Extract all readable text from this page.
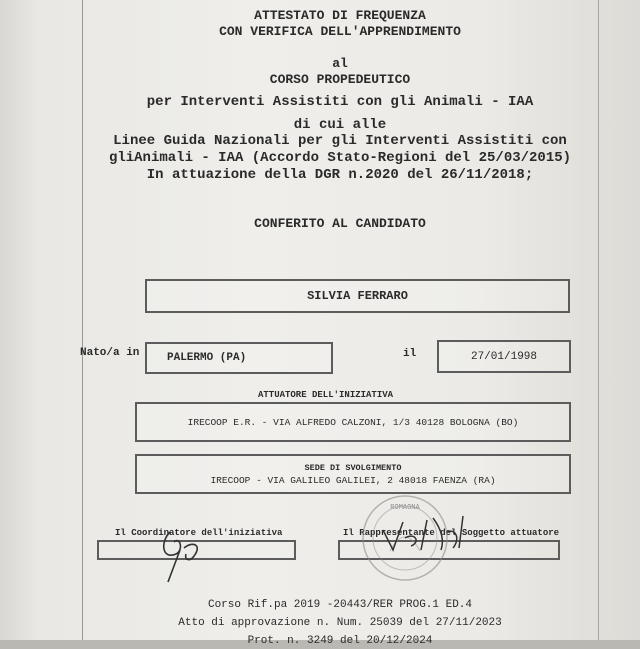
ATTESTATO DI FREQUENZA
CON VERIFICA DELL'APPRENDIMENTO
al
CORSO PROPEDEUTICO
per Interventi Assistiti con gli Animali - IAA
di cui alle
Linee Guida Nazionali per gli Interventi Assistiti con
gliAnimali - IAA (Accordo Stato-Regioni del 25/03/2015)
In attuazione della DGR n.2020 del 26/11/2018;
CONFERITO AL CANDIDATO
SILVIA FERRARO
Nato/a in	PALERMO (PA)	il	27/01/1998
ATTUATORE DELL'INIZIATIVA
IRECOOP E.R. - VIA ALFREDO CALZONI, 1/3 40128 BOLOGNA (BO)
SEDE DI SVOLGIMENTO
IRECOOP - VIA GALILEO GALILEI, 2 48018 FAENZA (RA)
Il Coordinatore dell'iniziativa	Il Rappresentante del Soggetto attuatore
ROMAGNA
Corso Rif.pa 2019 -20443/RER PROG.1 ED.4
Atto di approvazione n. Num. 25039 del 27/11/2023
Prot. n. 3249 del 20/12/2024
